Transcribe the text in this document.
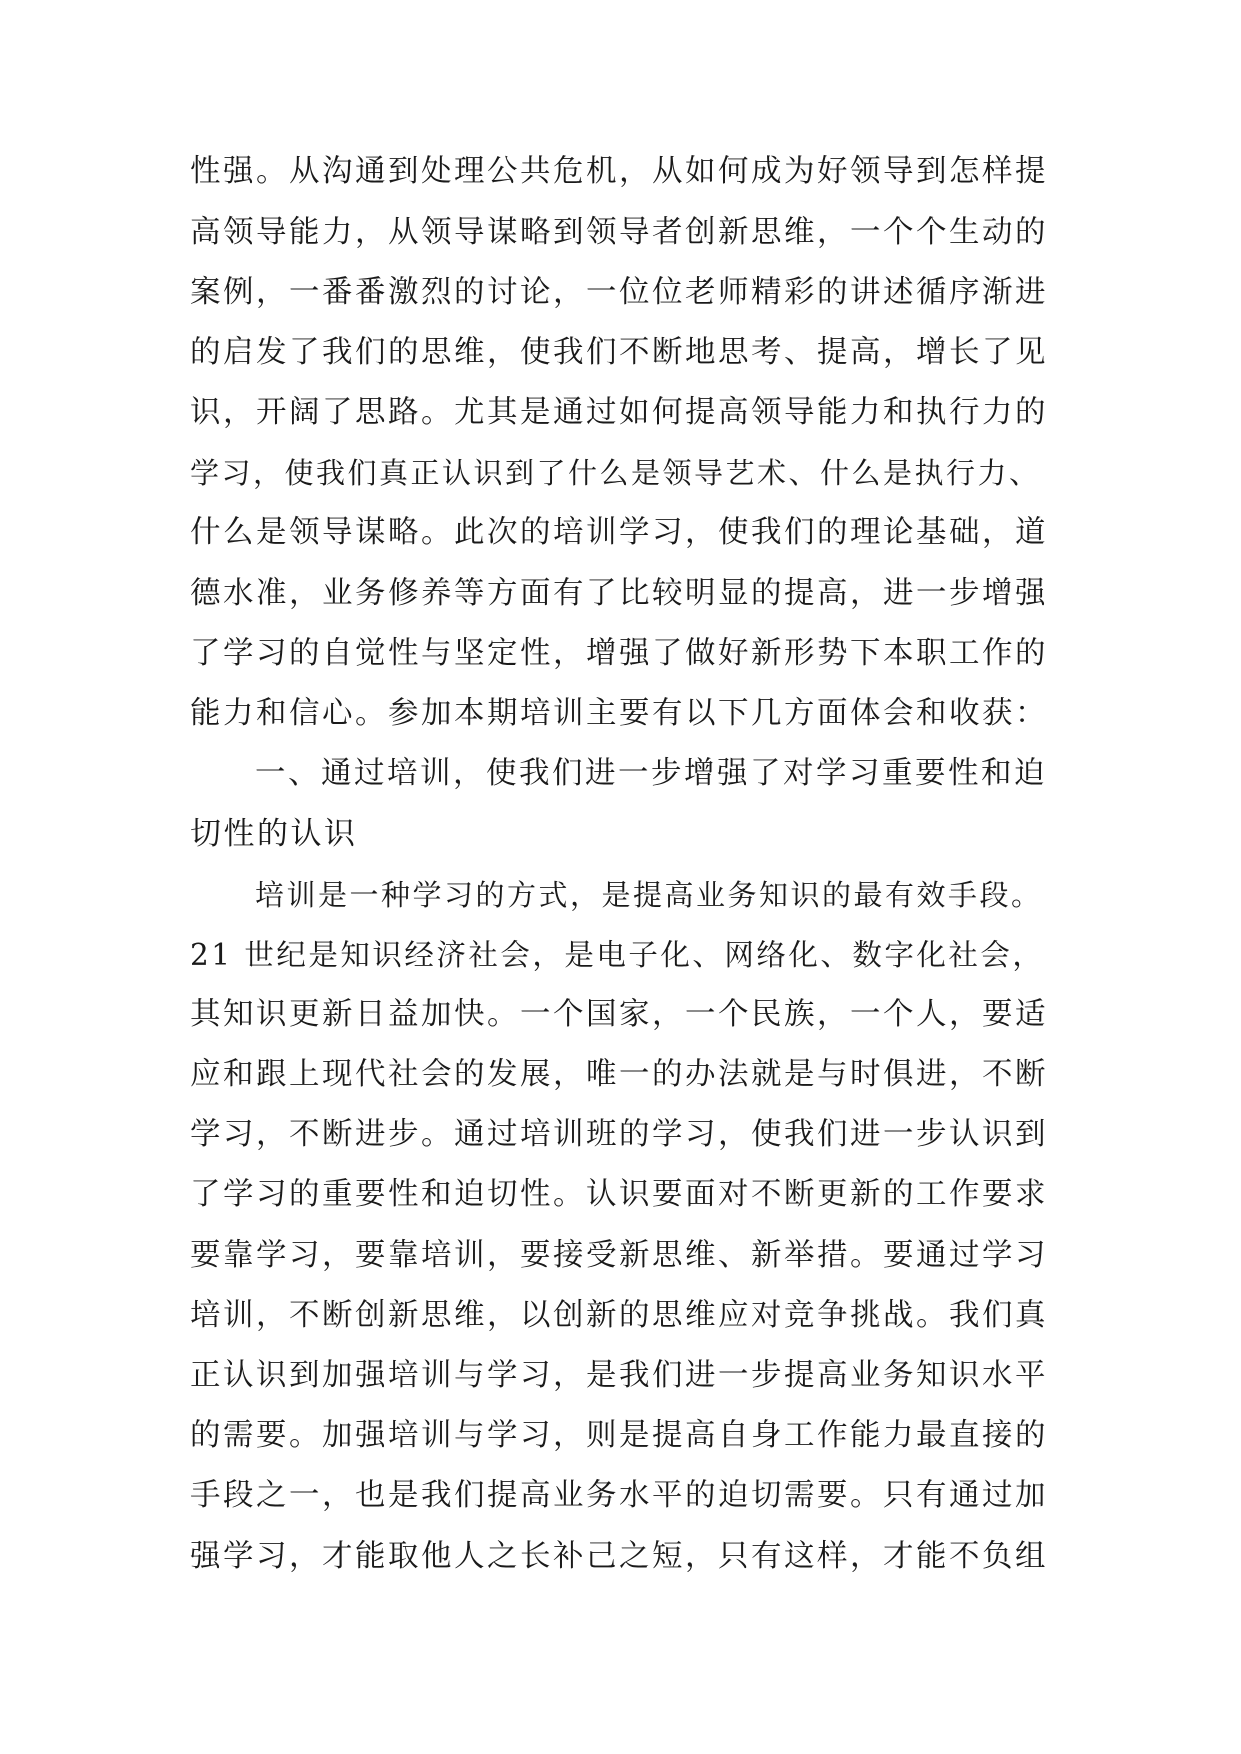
性强。从沟通到处理公共危机，从如何成为好领导到怎样提
高领导能力，从领导谋略到领导者创新思维，一个个生动的
案例，一番番激烈的讨论，一位位老师精彩的讲述循序渐进
的启发了我们的思维，使我们不断地思考、提高，增长了见
识，开阔了思路。尤其是通过如何提高领导能力和执行力的
学习，使我们真正认识到了什么是领导艺术、什么是执行力、
什么是领导谋略。此次的培训学习，使我们的理论基础，道
德水准，业务修养等方面有了比较明显的提高，进一步增强
了学习的自觉性与坚定性，增强了做好新形势下本职工作的
能力和信心。参加本期培训主要有以下几方面体会和收获：
一、通过培训，使我们进一步增强了对学习重要性和迫
切性的认识
培训是一种学习的方式，是提高业务知识的最有效手段。
21 世纪是知识经济社会，是电子化、网络化、数字化社会，
其知识更新日益加快。一个国家，一个民族，一个人，要适
应和跟上现代社会的发展，唯一的办法就是与时俱进，不断
学习，不断进步。通过培训班的学习，使我们进一步认识到
了学习的重要性和迫切性。认识要面对不断更新的工作要求
要靠学习，要靠培训，要接受新思维、新举措。要通过学习
培训，不断创新思维，以创新的思维应对竞争挑战。我们真
正认识到加强培训与学习，是我们进一步提高业务知识水平
的需要。加强培训与学习，则是提高自身工作能力最直接的
手段之一，也是我们提高业务水平的迫切需要。只有通过加
强学习，才能取他人之长补己之短，只有这样，才能不负组
